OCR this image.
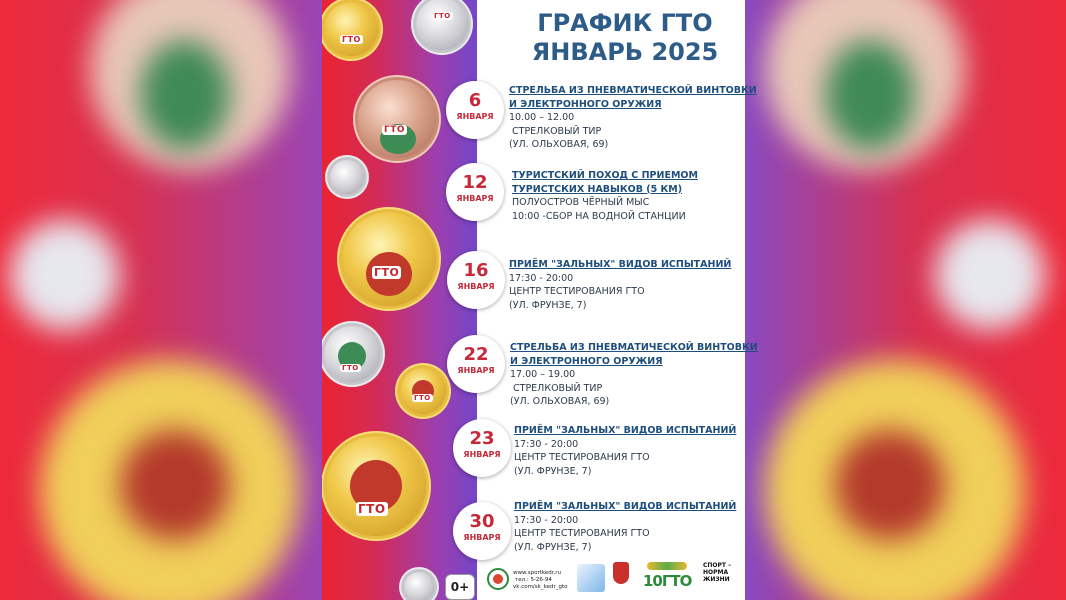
ГТО
ГТО
ГТО
ГТО
ГТО
ГТО
ГТО
ГРАФИК ГТО
ЯНВАРЬ 2025
6
ЯНВАРЯ
СТРЕЛЬБА ИЗ ПНЕВМАТИЧЕСКОЙ ВИНТОВКИ
И ЭЛЕКТРОННОГО ОРУЖИЯ
10.00 – 12.00
СТРЕЛКОВЫЙ ТИР
(УЛ. ОЛЬХОВАЯ, 69)
12
ЯНВАРЯ
ТУРИСТСКИЙ ПОХОД С ПРИЕМОМ
ТУРИСТСКИХ НАВЫКОВ (5 КМ)
ПОЛУОСТРОВ ЧЁРНЫЙ МЫС
10:00 -СБОР НА ВОДНОЙ СТАНЦИИ
16
ЯНВАРЯ
ПРИЁМ "ЗАЛЬНЫХ" ВИДОВ ИСПЫТАНИЙ
17:30 - 20:00
ЦЕНТР ТЕСТИРОВАНИЯ ГТО
(УЛ. ФРУНЗЕ, 7)
22
ЯНВАРЯ
СТРЕЛЬБА ИЗ ПНЕВМАТИЧЕСКОЙ ВИНТОВКИ
И ЭЛЕКТРОННОГО ОРУЖИЯ
17.00 – 19.00
СТРЕЛКОВЫЙ ТИР
(УЛ. ОЛЬХОВАЯ, 69)
23
ЯНВАРЯ
ПРИЁМ "ЗАЛЬНЫХ" ВИДОВ ИСПЫТАНИЙ
17:30 - 20:00
ЦЕНТР ТЕСТИРОВАНИЯ ГТО
(УЛ. ФРУНЗЕ, 7)
30
ЯНВАРЯ
ПРИЁМ "ЗАЛЬНЫХ" ВИДОВ ИСПЫТАНИЙ
17:30 - 20:00
ЦЕНТР ТЕСТИРОВАНИЯ ГТО
(УЛ. ФРУНЗЕ, 7)
0+
www.sportkedr.ru
тел.: 5-26-94
vk.com/sk_kedr_gto	10ГТО
СПОРТ –
НОРМА
ЖИЗНИ
